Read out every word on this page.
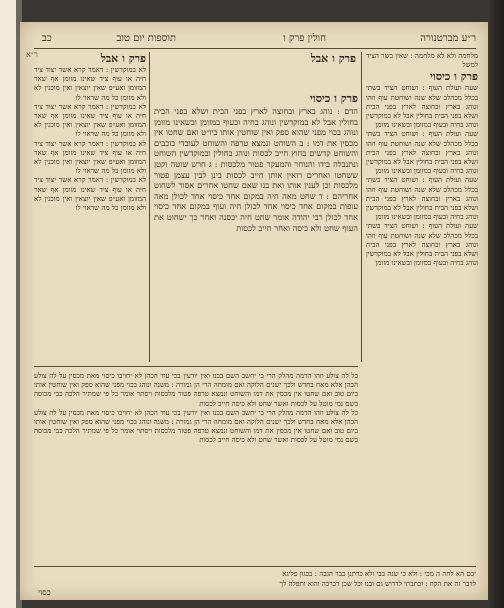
ר״ע מברטנורה
חולין פרק ו
תוספות יום טוב
כב
ר״א	מלחמה ולא לא מלחמה : שאין בשר הציד למשל

פרק ו כיסוי

שעה ועולת העוף : ושוחט הציד בשתי בכלל מכהלכ שלא שנה ושוחטת עוף וזהו ונוהג בארץ ובחוצה לארץ בפני הבית ושלא בפני הבית בחולין אבל לא במוקדשין ונוהג בחיה ובעוף במזומן ובשאינו מזומן

שעה ועולת העוף : ושוחט הציד בשתי בכלל מכהלכ שלא שנה ושוחטת עוף וזהו ונוהג בארץ ובחוצה לארץ בפני הבית ושלא בפני הבית בחולין אבל לא במוקדשין ונוהג בחיה ובעוף במזומן ובשאינו מזומן

שעה ועולת העוף : ושוחט הציד בשתי בכלל מכהלכ שלא שנה ושוחטת עוף וזהו ונוהג בארץ ובחוצה לארץ בפני הבית ושלא בפני הבית בחולין אבל לא במוקדשין ונוהג בחיה ובעוף במזומן ובשאינו מזומן

שעה ועולת העוף : ושוחט הציד בשתי בכלל מכהלכ שלא שנה ושוחטת עוף וזהו ונוהג בארץ ובחוצה לארץ בפני הבית ושלא בפני הבית בחולין אבל לא במוקדשין ונוהג בחיה ובעוף במזומן ובשאינו מזומן

פרק ו אבל
פרק ו כיסוי

הדם : נוהג בארץ ובחוצה לארץ בפני הבית ושלא בפני הבית בחולין אבל לא במוקדשין ונוהג בחיה ובעוף במזומן ובשאינו מזומן ונוהג בכוי מפני שהוא ספק ואין שוחטין אותו ביו״ט ואם שחטו אין מכסין את דמו : ב השוחט ונמצא טרפה והשוחט לעובדי כוכבים והשוחט קדשים בחוץ חייב לכסות ונוהג בחולין ובמוקדשין השוחט ונתנבלה בידו והנוחר והמעקר פטור מלכסות : ג חרש שוטה וקטן ששחטו ואחרים רואין אותן חייב לכסות בינן לבין עצמן פטור מלכסות וכן לענין אותו ואת בנו שאם שחטו אחרים אסור לשחוט אחריהם : ד שחט מאה חיה במקום אחד כיסוי אחד לכולן מאה עופות במקום אחד כיסוי אחד לכולן חיה ועוף במקום אחד כיסוי אחד לכולן רבי יהודה אומר שחט חיה יכסנה ואחר כך ישחוט את העוף שחט ולא כיסה ואחר חייב לכסות

פרק ו אבל

לא במוקדשין : דאמר קרא אשר יצוד ציד חיה או עוף ציד שאינו מזומן אף שאר המזומן ואע״פ שאין יוצאין ואין מוכנין לא ולא מזומן כל מה שראוי לו

לא במוקדשין : דאמר קרא אשר יצוד ציד חיה או עוף ציד שאינו מזומן אף שאר המזומן ואע״פ שאין יוצאין ואין מוכנין לא ולא מזומן כל מה שראוי לו

לא במוקדשין : דאמר קרא אשר יצוד ציד חיה או עוף ציד שאינו מזומן אף שאר המזומן ואע״פ שאין יוצאין ואין מוכנין לא ולא מזומן כל מה שראוי לו

לא במוקדשין : דאמר קרא אשר יצוד ציד חיה או עוף ציד שאינו מזומן אף שאר המזומן ואע״פ שאין יוצאין ואין מוכנין לא ולא מזומן כל מה שראוי לו

כל לה צולע וזהו הדמה מהלק הרי בי יחשב השם בבנו ואין יודעין בכי עוד הכהן לא יחויבו כיסוי מאת מכסין על לה צולע הכהן אלא מאח בחדש ולכך ישנים הלוקה ואם מומחה הרי הן גמורה : משנה ונוהג בכוי מפני שהוא ספק ואין שוחטין אותו ביום טוב ואם שחטו אין מכסין את דמו והשוחט ונמצא טרפה פטור מלכסות ויסתר אומר כל פי שמתיר הלכה כבי מכוסה בשם נמי מוטל על לכסות ואשר שחט ולא כיסה חייב לכסות

כל לה צולע וזהו הדמה מהלק הרי בי יחשב השם בבנו ואין יודעין בכי עוד הכהן לא יחויבו כיסוי מאת מכסין על לה צולע הכהן אלא מאח בחדש ולכך ישנים הלוקה ואם מומחה הרי הן גמורה : משנה ונוהג בכוי מפני שהוא ספק ואין שוחטין אותו ביום טוב ואם שחטו אין מכסין את דמו והשוחט ונמצא טרפה פטור מלכסות ויסתר אומר כל פי שמתיר הלכה כבי מכוסה בשם נמי מוטל על לכסות ואשר שחט ולא כיסה חייב לכסות

יכם הא לחה ה מכי : ולא כי שנה כבי ולא כדתנן כבר הגבה : בכגון פליגא
לדבר זה את הקוז : וכתבתי לדרוש גם ובנו וכל שכן דברכה והוא ותפלה לך
כסוי
